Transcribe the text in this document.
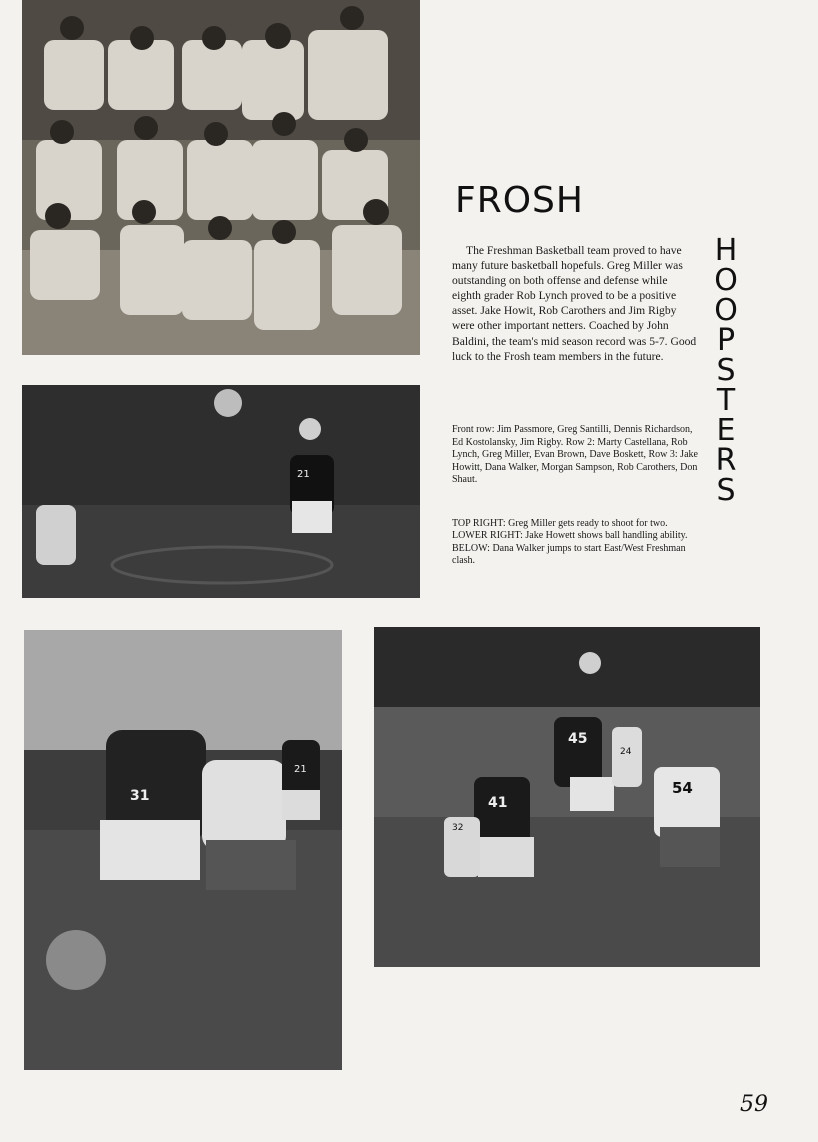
21
31
21
45
41
54
32
24
FROSH
H
O
O
P
S
T
E
R
S

The Freshman Basketball team proved to have many future basketball hopefuls. Greg Miller was outstanding on both offense and defense while eighth grader Rob Lynch proved to be a positive asset. Jake Howit, Rob Carothers and Jim Rigby were other important netters. Coached by John Baldini, the team's mid season record was 5-7. Good luck to the Frosh team members in the future.

Front row: Jim Passmore, Greg Santilli, Dennis Richardson, Ed Kostolansky, Jim Rigby. Row 2: Marty Castellana, Rob Lynch, Greg Miller, Evan Brown, Dave Boskett, Row 3: Jake Howitt, Dana Walker, Morgan Sampson, Rob Carothers, Don Shaut.

TOP RIGHT: Greg Miller gets ready to shoot for two.
LOWER RIGHT: Jake Howett shows ball handling ability.
BELOW: Dana Walker jumps to start East/West Freshman clash.

59
